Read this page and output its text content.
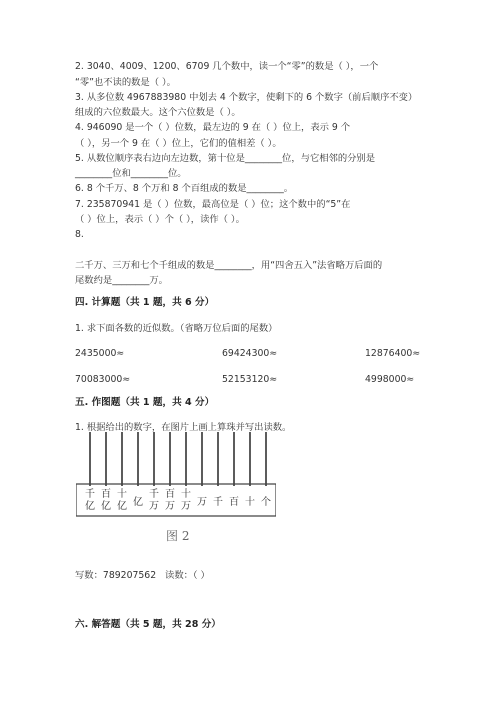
2. 3040、4009、1200、6709 几个数中，读一个“零”的数是（ ），一个
“零”也不读的数是（ ）。
3. 从多位数 4967883980 中划去 4 个数字，使剩下的 6 个数字（前后顺序不变）
组成的六位数最大。这个六位数是（ ）。
4. 946090 是一个（ ）位数，最左边的 9 在（ ）位上，表示 9 个
（ ），另一个 9 在（ ）位上，它们的值相差（ ）。
5. 从数位顺序表右边向左边数，第十位是________位，与它相邻的分别是
________位和________位。
6. 8 个千万、8 个万和 8 个百组成的数是________。
7. 235870941 是（ ）位数，最高位是（ ）位；这个数中的“5”在
（ ）位上，表示（ ）个（ ），读作（ ）。
8.
二千万、三万和七个千组成的数是________，用“四舍五入”法省略万后面的
尾数约是________万。
四. 计算题（共 1 题，共 6 分）
1. 求下面各数的近似数。（省略万位后面的尾数）
2435000≈	69424300≈	12876400≈
70083000≈	52153120≈	4998000≈
五. 作图题（共 1 题，共 4 分）
1. 根据给出的数字，在图片上画上算珠并写出读数。
千
亿
百
亿
十
亿 亿
千
万
百
万
十
万 万 千 百 十 个
图 2
写数：789207562 读数：（ ）
六. 解答题（共 5 题，共 28 分）
